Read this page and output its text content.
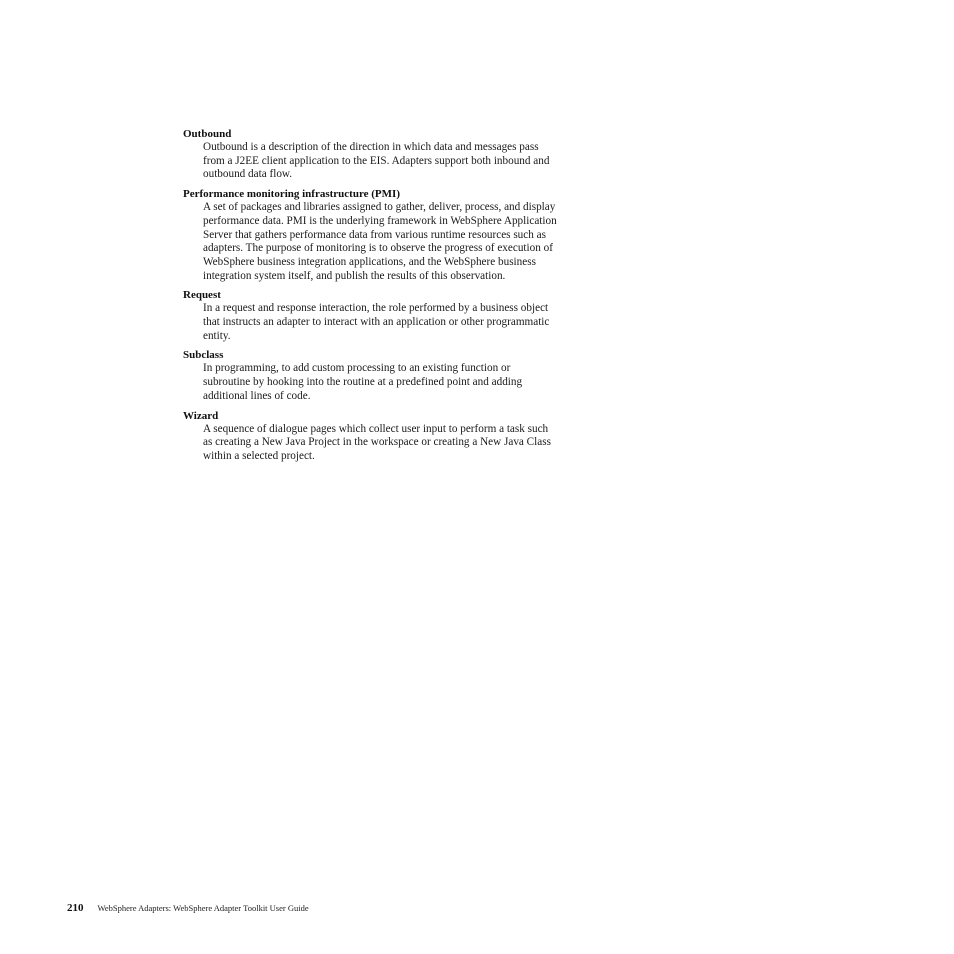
Outbound
Outbound is a description of the direction in which data and messages pass
from a J2EE client application to the EIS. Adapters support both inbound and
outbound data flow.
Performance monitoring infrastructure (PMI)
A set of packages and libraries assigned to gather, deliver, process, and display
performance data. PMI is the underlying framework in WebSphere Application
Server that gathers performance data from various runtime resources such as
adapters. The purpose of monitoring is to observe the progress of execution of
WebSphere business integration applications, and the WebSphere business
integration system itself, and publish the results of this observation.
Request
In a request and response interaction, the role performed by a business object
that instructs an adapter to interact with an application or other programmatic
entity.
Subclass
In programming, to add custom processing to an existing function or
subroutine by hooking into the routine at a predefined point and adding
additional lines of code.
Wizard
A sequence of dialogue pages which collect user input to perform a task such
as creating a New Java Project in the workspace or creating a New Java Class
within a selected project.
210 WebSphere Adapters: WebSphere Adapter Toolkit User Guide
